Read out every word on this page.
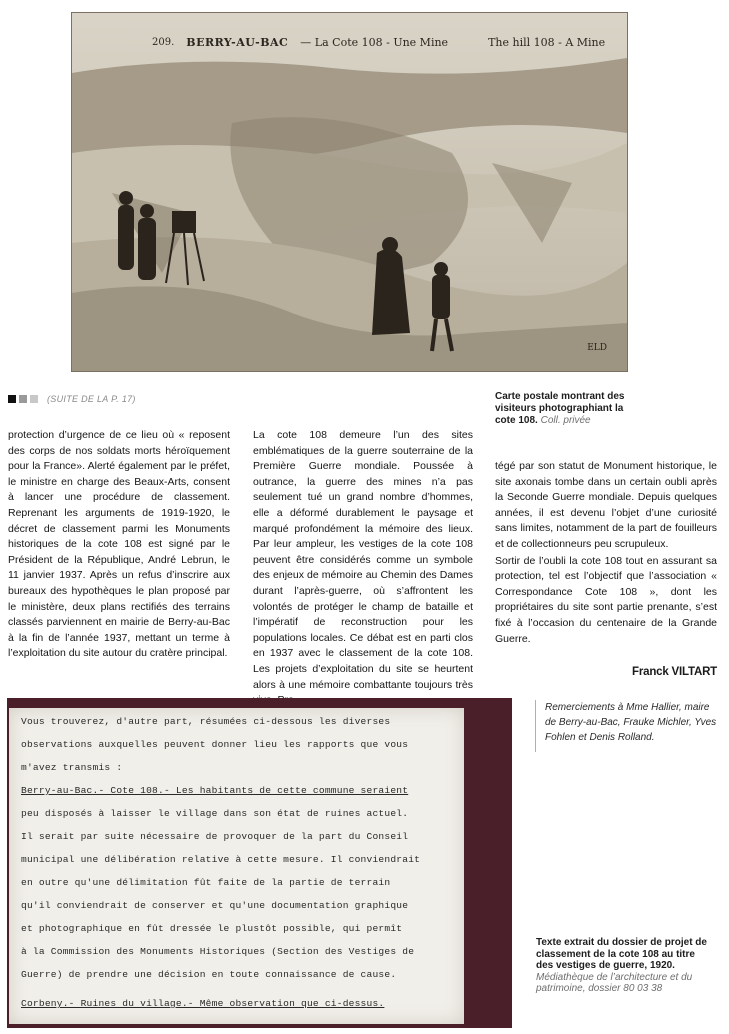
209. BERRY-AU-BAC — La Cote 108 - Une Mine	The hill 108 - A Mine
ELD
Carte postale montrant des visiteurs photographiant la cote 108. Coll. privée
(SUITE DE LA P. 17)

protection d’urgence de ce lieu où « reposent des corps de nos soldats morts héroïquement pour la France». Alerté également par le préfet, le ministre en charge des Beaux-Arts, consent à lancer une procédure de classement. Reprenant les arguments de 1919-1920, le décret de classement parmi les Monuments historiques de la cote 108 est signé par le Président de la République, André Lebrun, le 11 janvier 1937. Après un refus d’inscrire aux bureaux des hypothèques le plan proposé par le ministère, deux plans rectifiés des terrains classés parviennent en mairie de Berry-au-Bac à la fin de l’année 1937, mettant un terme à l’exploitation du site autour du cratère principal.

La cote 108 demeure l’un des sites emblématiques de la guerre souterraine de la Première Guerre mondiale. Poussée à outrance, la guerre des mines n’a pas seulement tué un grand nombre d’hommes, elle a déformé durablement le paysage et marqué profondément la mémoire des lieux. Par leur ampleur, les vestiges de la cote 108 peuvent être considérés comme un symbole des enjeux de mémoire au Chemin des Dames durant l’après-guerre, où s’affrontent les volontés de protéger le champ de bataille et l’impératif de reconstruction pour les populations locales. Ce débat est en parti clos en 1937 avec le classement de la cote 108. Les projets d’exploitation du site se heurtent alors à une mémoire combattante toujours très

tégé par son statut de Monument historique, le site axonais tombe dans un certain oubli après la Seconde Guerre mondiale. Depuis quelques années, il est devenu l’objet d’une curiosité sans limites, notamment de la part de fouilleurs et de collectionneurs peu scrupuleux.

Sortir de l’oubli la cote 108 tout en assurant sa protection, tel est l’objectif que l’association « Correspondance Cote 108 », dont les propriétaires du site sont partie prenante, s’est fixé à l’occasion du centenaire de la Grande Guerre.

Franck VILTART
Remerciements à Mme Hallier, maire de Berry-au-Bac, Frauke Michler, Yves Fohlen et Denis Rolland.
Vous trouverez, d'autre part, résumées ci-dessous les diverses
observations auxquelles peuvent donner lieu les rapports que vous
m'avez transmis :
Berry-au-Bac.- Cote 108.- Les habitants de cette commune seraient
peu disposés à laisser le village dans son état de ruines actuel.
Il serait par suite nécessaire de provoquer de la part du Conseil
municipal une délibération relative à cette mesure. Il conviendrait
en outre qu'une délimitation fût faite de la partie de terrain
qu'il conviendrait de conserver et qu'une documentation graphique
et photographique en fût dressée le plustôt possible, qui permît
à la Commission des Monuments Historiques (Section des Vestiges de
Guerre) de prendre une décision en toute connaissance de cause.
Corbeny.- Ruines du village.- Même observation que ci-dessus.
Texte extrait du dossier de projet de classement de la cote 108 au titre des vestiges de guerre, 1920. Médiathèque de l’architecture et du patrimoine, dossier 80 03 38
